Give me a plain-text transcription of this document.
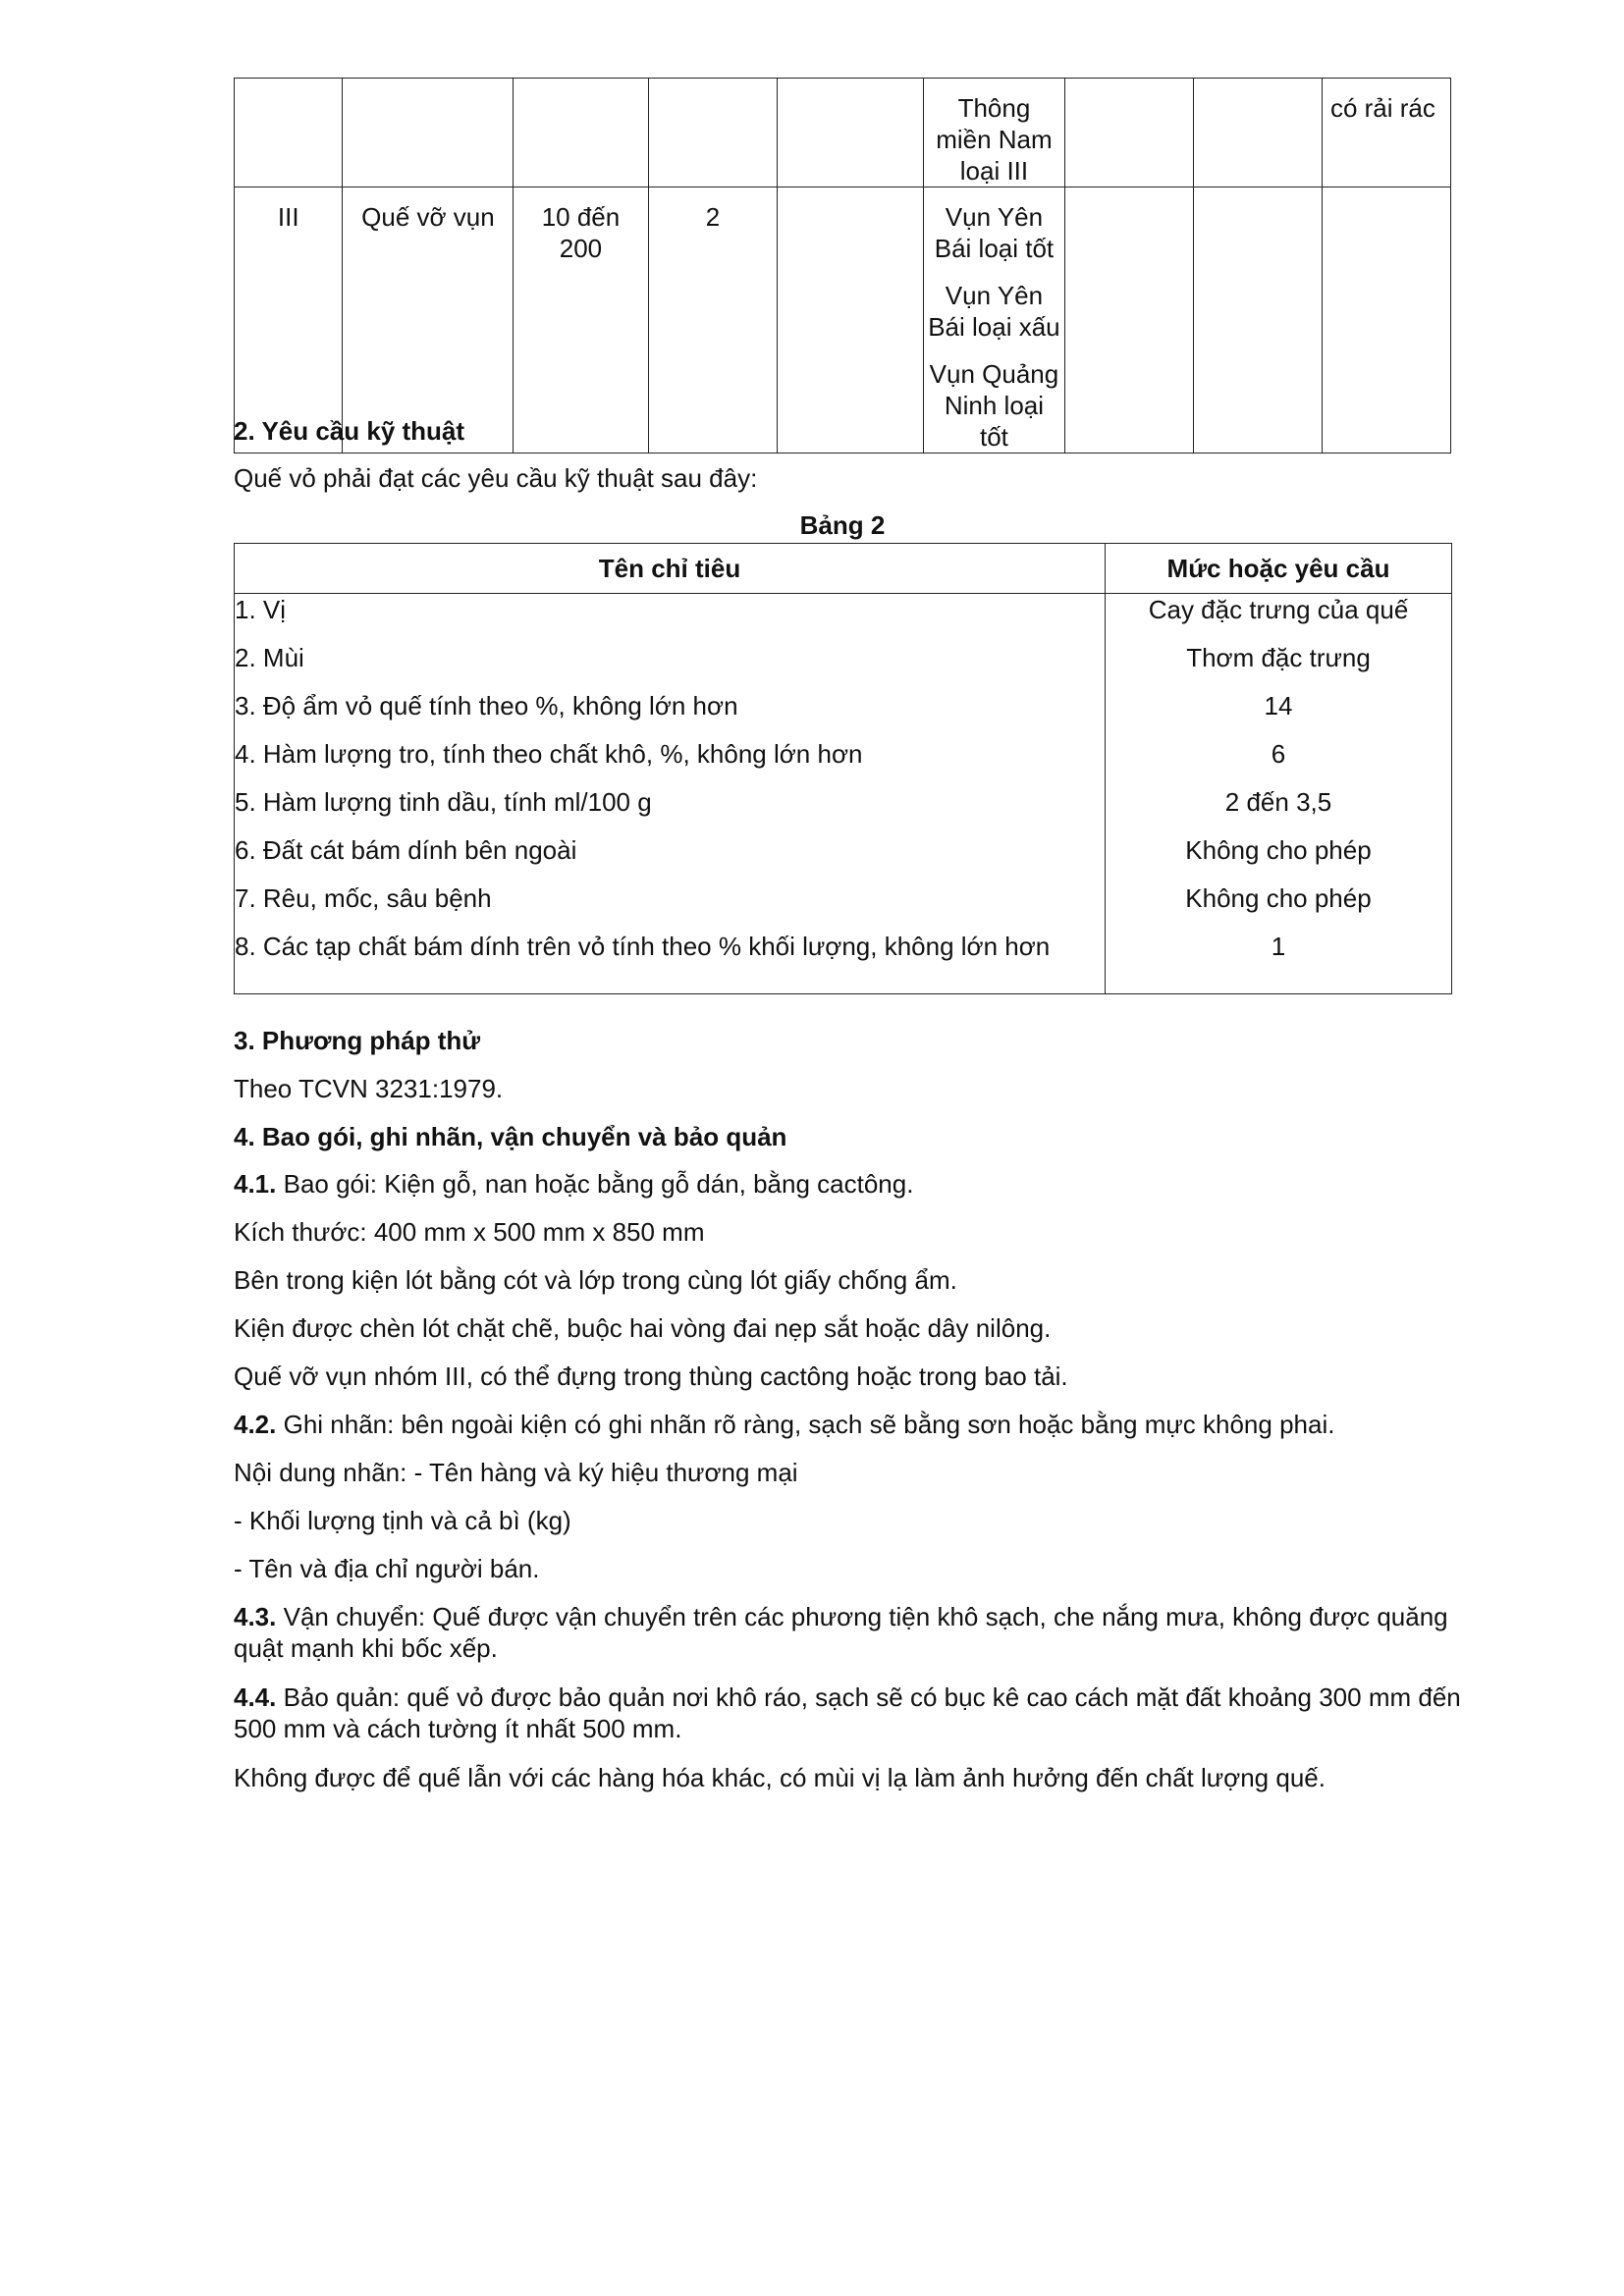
					Thông miền Nam loại III			có rải rác
III	Quế vỡ vụn	10 đến 200	2		Vụn Yên Bái loại tốt

Vụn Yên Bái loại xấu

Vụn Quảng Ninh loại tốt			

2. Yêu cầu kỹ thuật
Quế vỏ phải đạt các yêu cầu kỹ thuật sau đây:
Bảng 2
Tên chỉ tiêu	Mức hoặc yêu cầu
1. Vị	Cay đặc trưng của quế
2. Mùi	Thơm đặc trưng
3. Độ ẩm vỏ quế tính theo %, không lớn hơn	14
4. Hàm lượng tro, tính theo chất khô, %, không lớn hơn	6
5. Hàm lượng tinh dầu, tính ml/100 g	2 đến 3,5
6. Đất cát bám dính bên ngoài	Không cho phép
7. Rêu, mốc, sâu bệnh	Không cho phép
8. Các tạp chất bám dính trên vỏ tính theo % khối lượng, không lớn hơn	1
3. Phương pháp thử
Theo TCVN 3231:1979.
4. Bao gói, ghi nhãn, vận chuyển và bảo quản
4.1. Bao gói: Kiện gỗ, nan hoặc bằng gỗ dán, bằng cactông.
Kích thước: 400 mm x 500 mm x 850 mm
Bên trong kiện lót bằng cót và lớp trong cùng lót giấy chống ẩm.
Kiện được chèn lót chặt chẽ, buộc hai vòng đai nẹp sắt hoặc dây nilông.
Quế vỡ vụn nhóm III, có thể đựng trong thùng cactông hoặc trong bao tải.
4.2. Ghi nhãn: bên ngoài kiện có ghi nhãn rõ ràng, sạch sẽ bằng sơn hoặc bằng mực không phai.
Nội dung nhãn: - Tên hàng và ký hiệu thương mại
- Khối lượng tịnh và cả bì (kg)
- Tên và địa chỉ người bán.
4.3. Vận chuyển: Quế được vận chuyển trên các phương tiện khô sạch, che nắng mưa, không được quăng quật mạnh khi bốc xếp.
4.4. Bảo quản: quế vỏ được bảo quản nơi khô ráo, sạch sẽ có bục kê cao cách mặt đất khoảng 300 mm đến 500 mm và cách tường ít nhất 500 mm.
Không được để quế lẫn với các hàng hóa khác, có mùi vị lạ làm ảnh hưởng đến chất lượng quế.
